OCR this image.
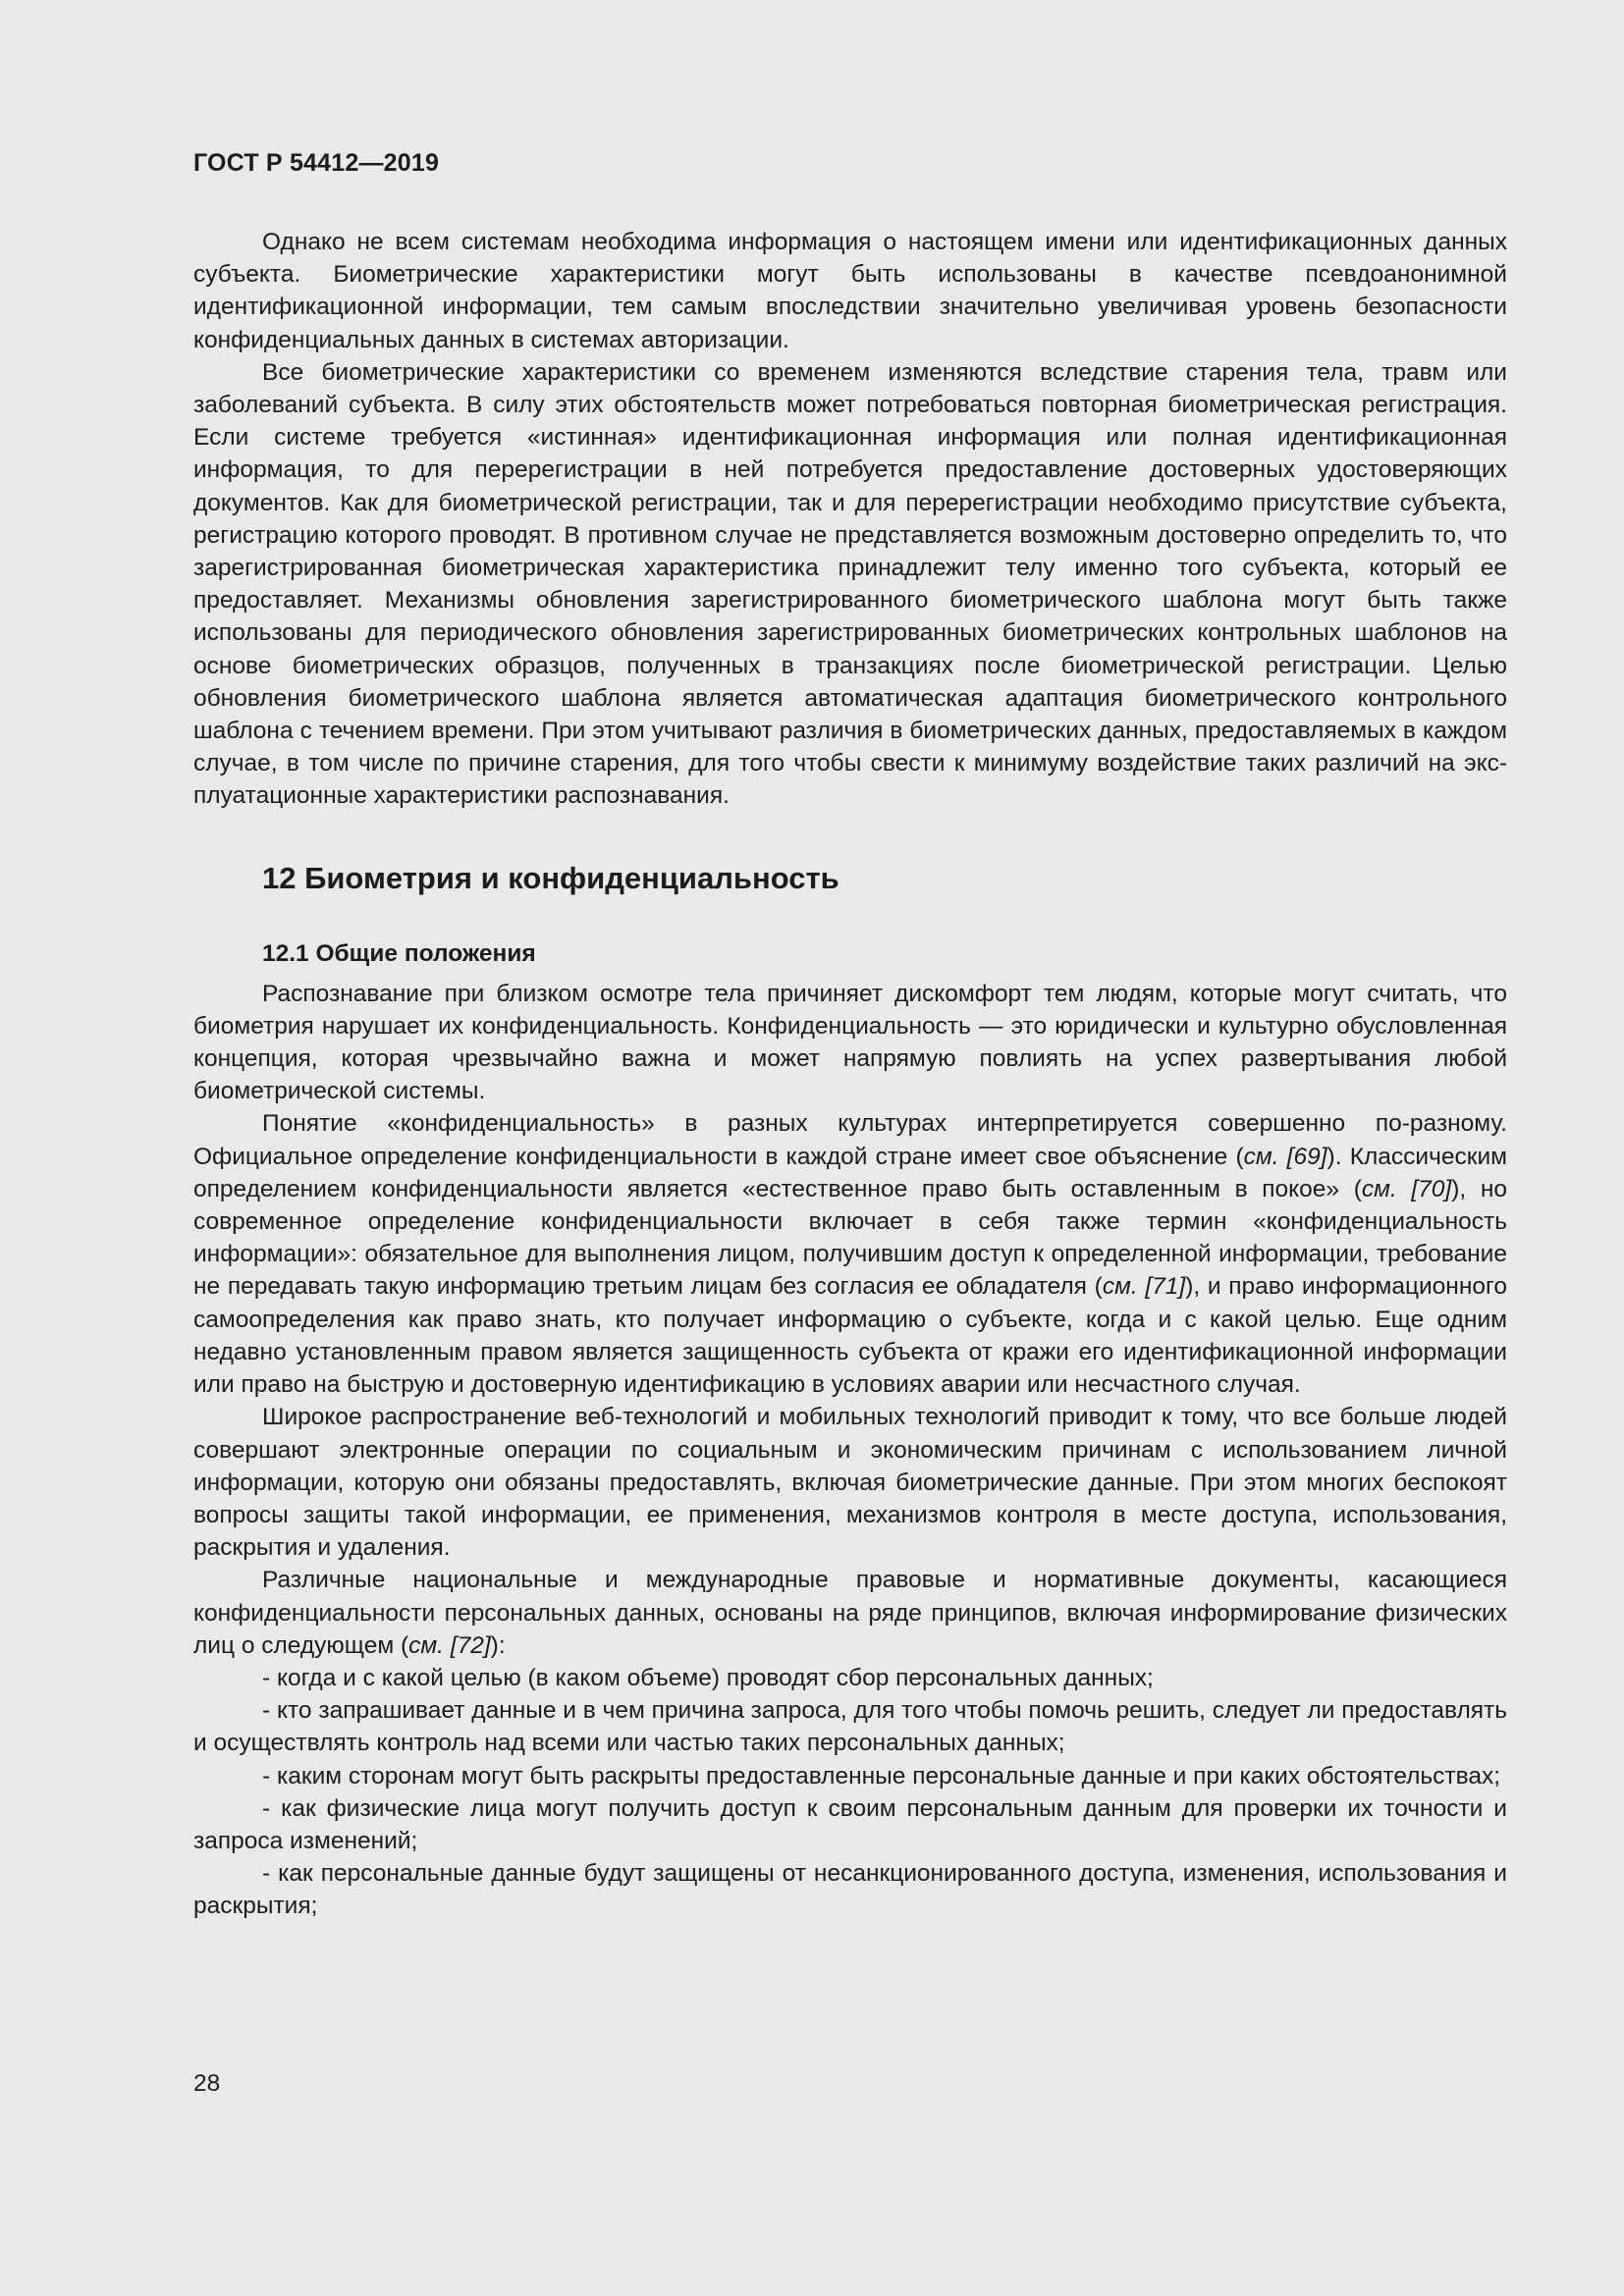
ГОСТ Р 54412—2019

Однако не всем системам необходима информация о настоящем имени или идентификационных данных субъекта. Биометрические характеристики могут быть использованы в качестве псевдоанонимной идентификационной информации, тем самым впоследствии значительно увеличивая уровень безопасности конфиденциальных данных в системах авторизации.

Все биометрические характеристики со временем изменяются вследствие старения тела, травм или заболеваний субъекта. В силу этих обстоятельств может потребоваться повторная биометрическая регистрация. Если системе требуется «истинная» идентификационная информация или полная идентификационная информация, то для перерегистрации в ней потребуется предоставление достоверных удостоверяющих документов. Как для биометрической регистрации, так и для перерегистрации необходимо присутствие субъекта, регистрацию которого проводят. В противном случае не представляется возможным достоверно определить то, что зарегистрированная биометрическая характеристика принадлежит телу именно того субъекта, который ее предоставляет. Механизмы обновления зарегистрированного биометрического шаблона могут быть также использованы для периодического обновления зарегистрированных биометрических контрольных шаблонов на основе биометрических образцов, полученных в транзакциях после биометрической регистрации. Целью обновления биометрического шаблона является автоматическая адаптация биометрического контрольного шаблона с течением времени. При этом учитывают различия в биометрических данных, предоставляемых в каждом случае, в том числе по причине старения, для того чтобы свести к минимуму воздействие таких различий на эксплуатационные характеристики распознавания.

12 Биометрия и конфиденциальность
12.1 Общие положения

Распознавание при близком осмотре тела причиняет дискомфорт тем людям, которые могут считать, что биометрия нарушает их конфиденциальность. Конфиденциальность — это юридически и культурно обусловленная концепция, которая чрезвычайно важна и может напрямую повлиять на успех развертывания любой биометрической системы.

Понятие «конфиденциальность» в разных культурах интерпретируется совершенно по-разному. Официальное определение конфиденциальности в каждой стране имеет свое объяснение (см. [69]). Классическим определением конфиденциальности является «естественное право быть оставленным в покое» (см. [70]), но современное определение конфиденциальности включает в себя также термин «конфиденциальность информации»: обязательное для выполнения лицом, получившим доступ к определенной информации, требование не передавать такую информацию третьим лицам без согласия ее обладателя (см. [71]), и право информационного самоопределения как право знать, кто получает информацию о субъекте, когда и с какой целью. Еще одним недавно установленным правом является защищенность субъекта от кражи его идентификационной информации или право на быструю и достоверную идентификацию в условиях аварии или несчастного случая.

Широкое распространение веб-технологий и мобильных технологий приводит к тому, что все больше людей совершают электронные операции по социальным и экономическим причинам с использованием личной информации, которую они обязаны предоставлять, включая биометрические данные. При этом многих беспокоят вопросы защиты такой информации, ее применения, механизмов контроля в месте доступа, использования, раскрытия и удаления.

Различные национальные и международные правовые и нормативные документы, касающиеся конфиденциальности персональных данных, основаны на ряде принципов, включая информирование физических лиц о следующем (см. [72]):

- когда и с какой целью (в каком объеме) проводят сбор персональных данных;

- кто запрашивает данные и в чем причина запроса, для того чтобы помочь решить, следует ли предоставлять и осуществлять контроль над всеми или частью таких персональных данных;

- каким сторонам могут быть раскрыты предоставленные персональные данные и при каких обстоятельствах;

- как физические лица могут получить доступ к своим персональным данным для проверки их точности и запроса изменений;

- как персональные данные будут защищены от несанкционированного доступа, изменения, использования и раскрытия;

28
